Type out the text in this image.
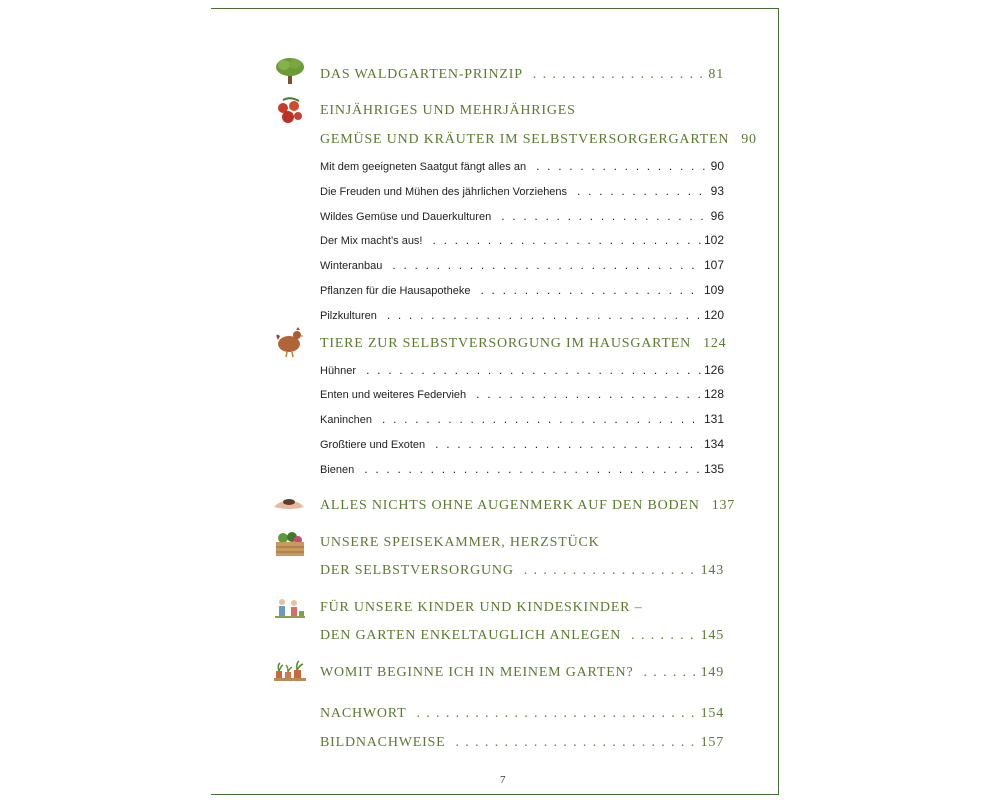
DAS WALDGARTEN-PRINZIP . . .	81
EINJÄHRIGES UND MEHRJÄHRIGES
GEMÜSE UND KRÄUTER IM SELBSTVERSORGERGARTEN . . . 90
Mit dem geeigneten Saatgut fängt alles an . . .	90
Die Freuden und Mühen des jährlichen Vorziehens . . .	93
Wildes Gemüse und Dauerkulturen . . .	96
Der Mix macht’s aus! . . .	102
Winteranbau . . .	107
Pflanzen für die Hausapotheke . . .	109
Pilzkulturen . . .	120
TIERE ZUR SELBSTVERSORGUNG IM HAUSGARTEN . . . 124
Hühner . . .	126
Enten und weiteres Federvieh . . .	128
Kaninchen . . .	131
Großtiere und Exoten . . .	134
Bienen . . .	135
ALLES NICHTS OHNE AUGENMERK AUF DEN BODEN . . . 137
UNSERE SPEISEKAMMER, HERZSTÜCK
DER SELBSTVERSORGUNG . . .	143
FÜR UNSERE KINDER UND KINDESKINDER –
DEN GARTEN ENKELTAUGLICH ANLEGEN . . .	145
WOMIT BEGINNE ICH IN MEINEM GARTEN? . . .	149
NACHWORT . . .	154
BILDNACHWEISE . . .	157
7
